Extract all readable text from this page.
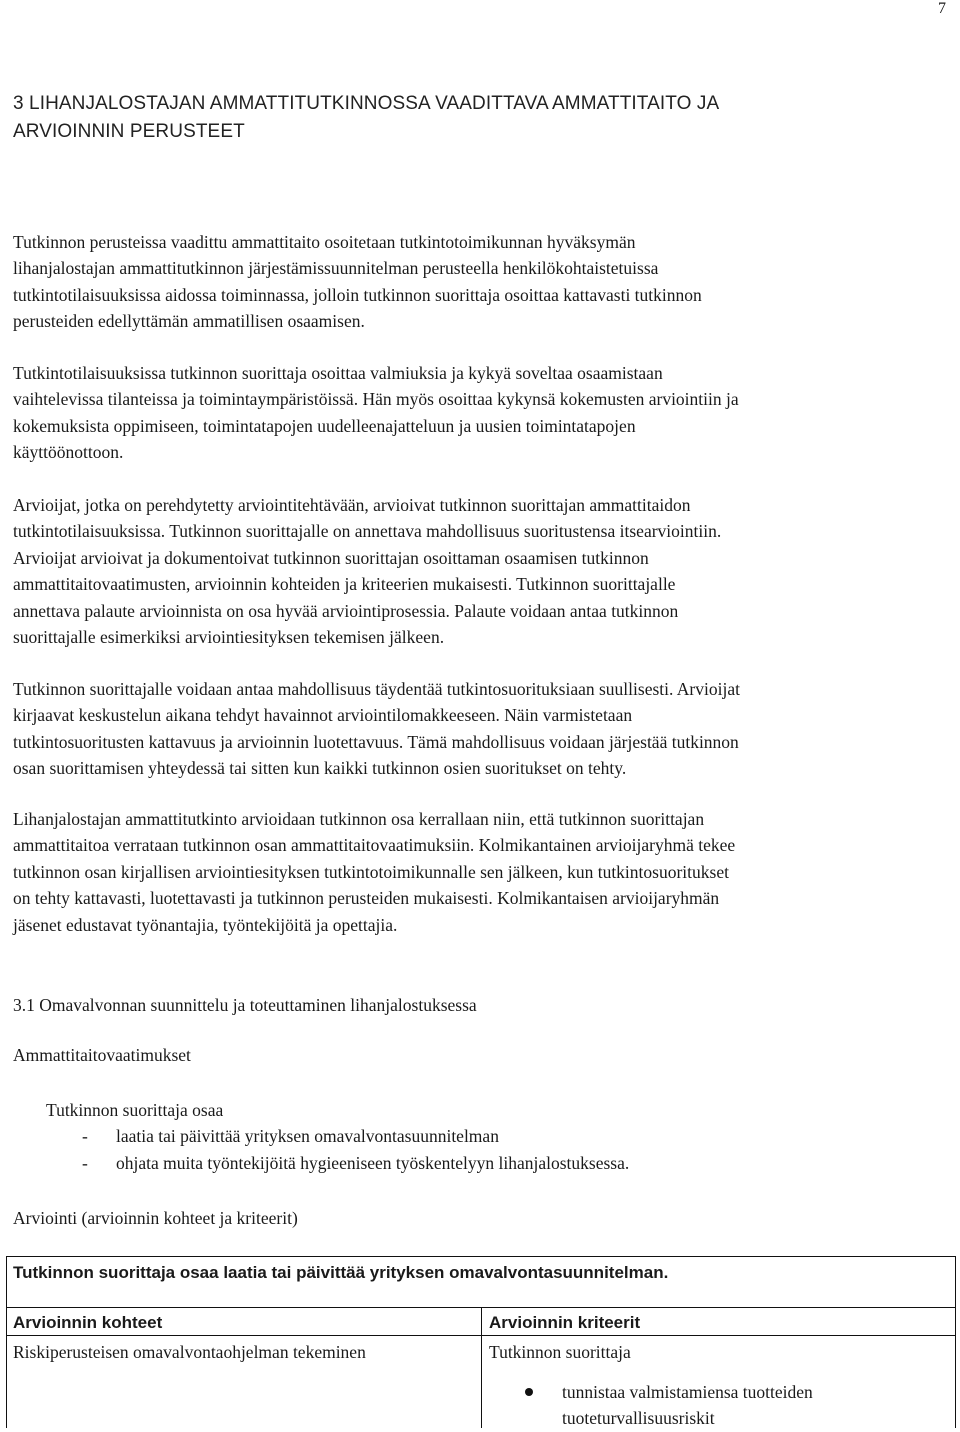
7
3 LIHANJALOSTAJAN AMMATTITUTKINNOSSA VAADITTAVA AMMATTITAITO JA
ARVIOINNIN PERUSTEET
Tutkinnon perusteissa vaadittu ammattitaito osoitetaan tutkintotoimikunnan hyväksymän
lihanjalostajan ammattitutkinnon järjestämissuunnitelman perusteella henkilökohtaistetuissa
tutkintotilaisuuksissa aidossa toiminnassa, jolloin tutkinnon suorittaja osoittaa kattavasti tutkinnon
perusteiden edellyttämän ammatillisen osaamisen.
Tutkintotilaisuuksissa tutkinnon suorittaja osoittaa valmiuksia ja kykyä soveltaa osaamistaan
vaihtelevissa tilanteissa ja toimintaympäristöissä. Hän myös osoittaa kykynsä kokemusten arviointiin ja
kokemuksista oppimiseen, toimintatapojen uudelleenajatteluun ja uusien toimintatapojen
käyttöönottoon.
Arvioijat, jotka on perehdytetty arviointitehtävään, arvioivat tutkinnon suorittajan ammattitaidon
tutkintotilaisuuksissa. Tutkinnon suorittajalle on annettava mahdollisuus suoritustensa itsearviointiin.
Arvioijat arvioivat ja dokumentoivat tutkinnon suorittajan osoittaman osaamisen tutkinnon
ammattitaitovaatimusten, arvioinnin kohteiden ja kriteerien mukaisesti. Tutkinnon suorittajalle
annettava palaute arvioinnista on osa hyvää arviointiprosessia. Palaute voidaan antaa tutkinnon
suorittajalle esimerkiksi arviointiesityksen tekemisen jälkeen.
Tutkinnon suorittajalle voidaan antaa mahdollisuus täydentää tutkintosuorituksiaan suullisesti. Arvioijat
kirjaavat keskustelun aikana tehdyt havainnot arviointilomakkeeseen. Näin varmistetaan
tutkintosuoritusten kattavuus ja arvioinnin luotettavuus. Tämä mahdollisuus voidaan järjestää tutkinnon
osan suorittamisen yhteydessä tai sitten kun kaikki tutkinnon osien suoritukset on tehty.
Lihanjalostajan ammattitutkinto arvioidaan tutkinnon osa kerrallaan niin, että tutkinnon suorittajan
ammattitaitoa verrataan tutkinnon osan ammattitaitovaatimuksiin. Kolmikantainen arvioijaryhmä tekee
tutkinnon osan kirjallisen arviointiesityksen tutkintotoimikunnalle sen jälkeen, kun tutkintosuoritukset
on tehty kattavasti, luotettavasti ja tutkinnon perusteiden mukaisesti. Kolmikantaisen arvioijaryhmän
jäsenet edustavat työnantajia, työntekijöitä ja opettajia.
3.1 Omavalvonnan suunnittelu ja toteuttaminen lihanjalostuksessa
Ammattitaitovaatimukset
Tutkinnon suorittaja osaa
-
laatia tai päivittää yrityksen omavalvontasuunnitelman
-
ohjata muita työntekijöitä hygieeniseen työskentelyyn lihanjalostuksessa.
Arviointi (arvioinnin kohteet ja kriteerit)
Tutkinnon suorittaja osaa laatia tai päivittää yrityksen omavalvontasuunnitelman.
Arvioinnin kohteet	Arvioinnin kriteerit
Riskiperusteisen omavalvontaohjelman tekeminen	Tutkinnon suorittaja
tunnistaa valmistamiensa tuotteiden
tuoteturvallisuusriskit
